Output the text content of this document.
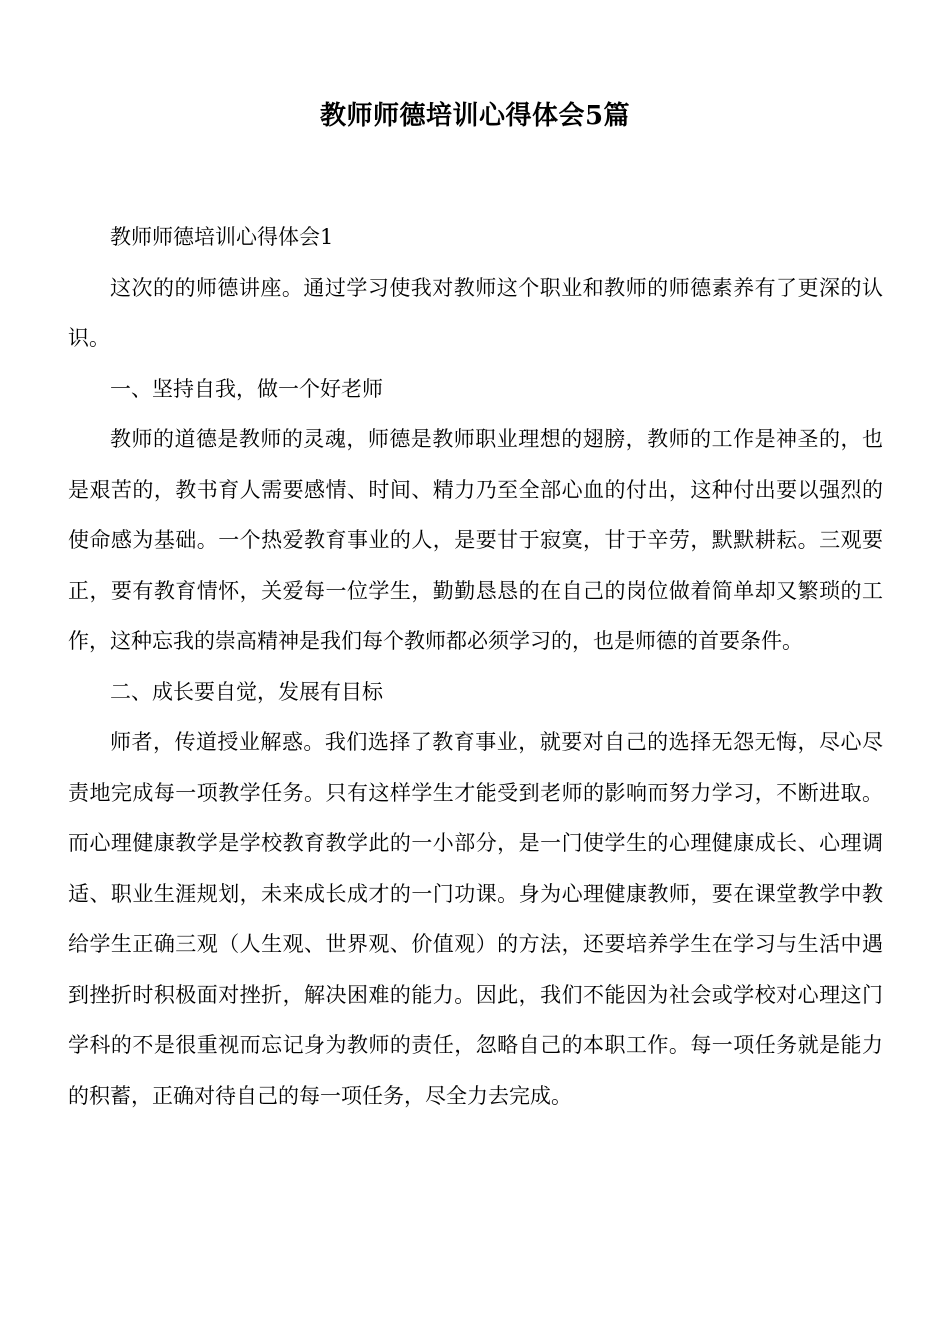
教师师德培训心得体会5篇

教师师德培训心得体会1

这次的的师德讲座。通过学习使我对教师这个职业和教师的师德素养有了更深的认识。

一、坚持自我，做一个好老师

教师的道德是教师的灵魂，师德是教师职业理想的翅膀，教师的工作是神圣的，也是艰苦的，教书育人需要感情、时间、精力乃至全部心血的付出，这种付出要以强烈的使命感为基础。一个热爱教育事业的人，是要甘于寂寞，甘于辛劳，默默耕耘。三观要正，要有教育情怀，关爱每一位学生，勤勤恳恳的在自己的岗位做着简单却又繁琐的工作，这种忘我的崇高精神是我们每个教师都必须学习的，也是师德的首要条件。

二、成长要自觉，发展有目标

师者，传道授业解惑。我们选择了教育事业，就要对自己的选择无怨无悔，尽心尽责地完成每一项教学任务。只有这样学生才能受到老师的影响而努力学习，不断进取。而心理健康教学是学校教育教学此的一小部分，是一门使学生的心理健康成长、心理调适、职业生涯规划，未来成长成才的一门功课。身为心理健康教师，要在课堂教学中教给学生正确三观（人生观、世界观、价值观）的方法，还要培养学生在学习与生活中遇到挫折时积极面对挫折，解决困难的能力。因此，我们不能因为社会或学校对心理这门学科的不是很重视而忘记身为教师的责任，忽略自己的本职工作。每一项任务就是能力的积蓄，正确对待自己的每一项任务，尽全力去完成。
